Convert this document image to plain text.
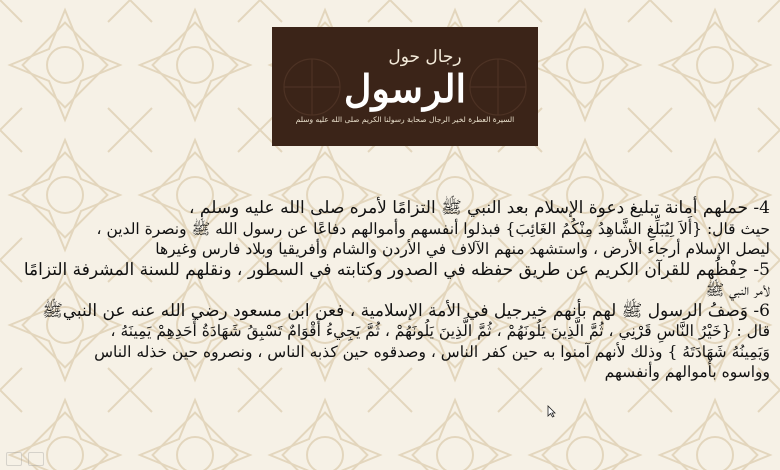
رجال حول
الرسول
السيرة العطرة لخير الرجال صحابة رسولنا الكريم صلى الله عليه وسلم

4- حملهم أمانة تبليغ دعوة الإسلام بعد النبي ﷺ التزامًا لأمره صلى الله عليه وسلم ،

حيث قال: {أَلاَ لِيُبَلِّغِ الشَّاهِدُ مِنْكُمُ الغَائِبَ} فبذلوا أنفسهم وأموالهم دفاعًا عن رسول الله ﷺ ونصرة الدين ،

ليصل الإسلام أرجاء الأرض ، واستشهد منهم الآلاف في الأردن والشام وأفريقيا وبلاد فارس وغيرها

5- حِفْظُهم للقرآن الكريم عن طريق حفظه في الصدور وكتابته في السطور ، ونقلهم للسنة المشرفة التزامًا

لأمر النبي ﷺ

6- وَصفُ الرسول ﷺ لهم بأنهم خيرجيل في الأمة الإسلامية ، فعن ابن مسعود رضي الله عنه عن النبيﷺ

قال : {خَيْرُ النَّاسِ قَرْنِي ، ثُمَّ الَّذِينَ يَلُونَهُمْ ، ثُمَّ الَّذِينَ يَلُونَهُمْ ، ثُمَّ يَجِيءُ أَقْوَامٌ تَسْبِقُ شَهَادَةُ أَحَدِهِمْ يَمِينَهُ ،

وَيَمِينُهُ شَهَادَتَهُ } وذلك لأنهم آمنوا به حين كفر الناس ، وصدقوه حين كذبه الناس ، ونصروه حين خذله الناس

وواسوه بأموالهم وأنفسهم
